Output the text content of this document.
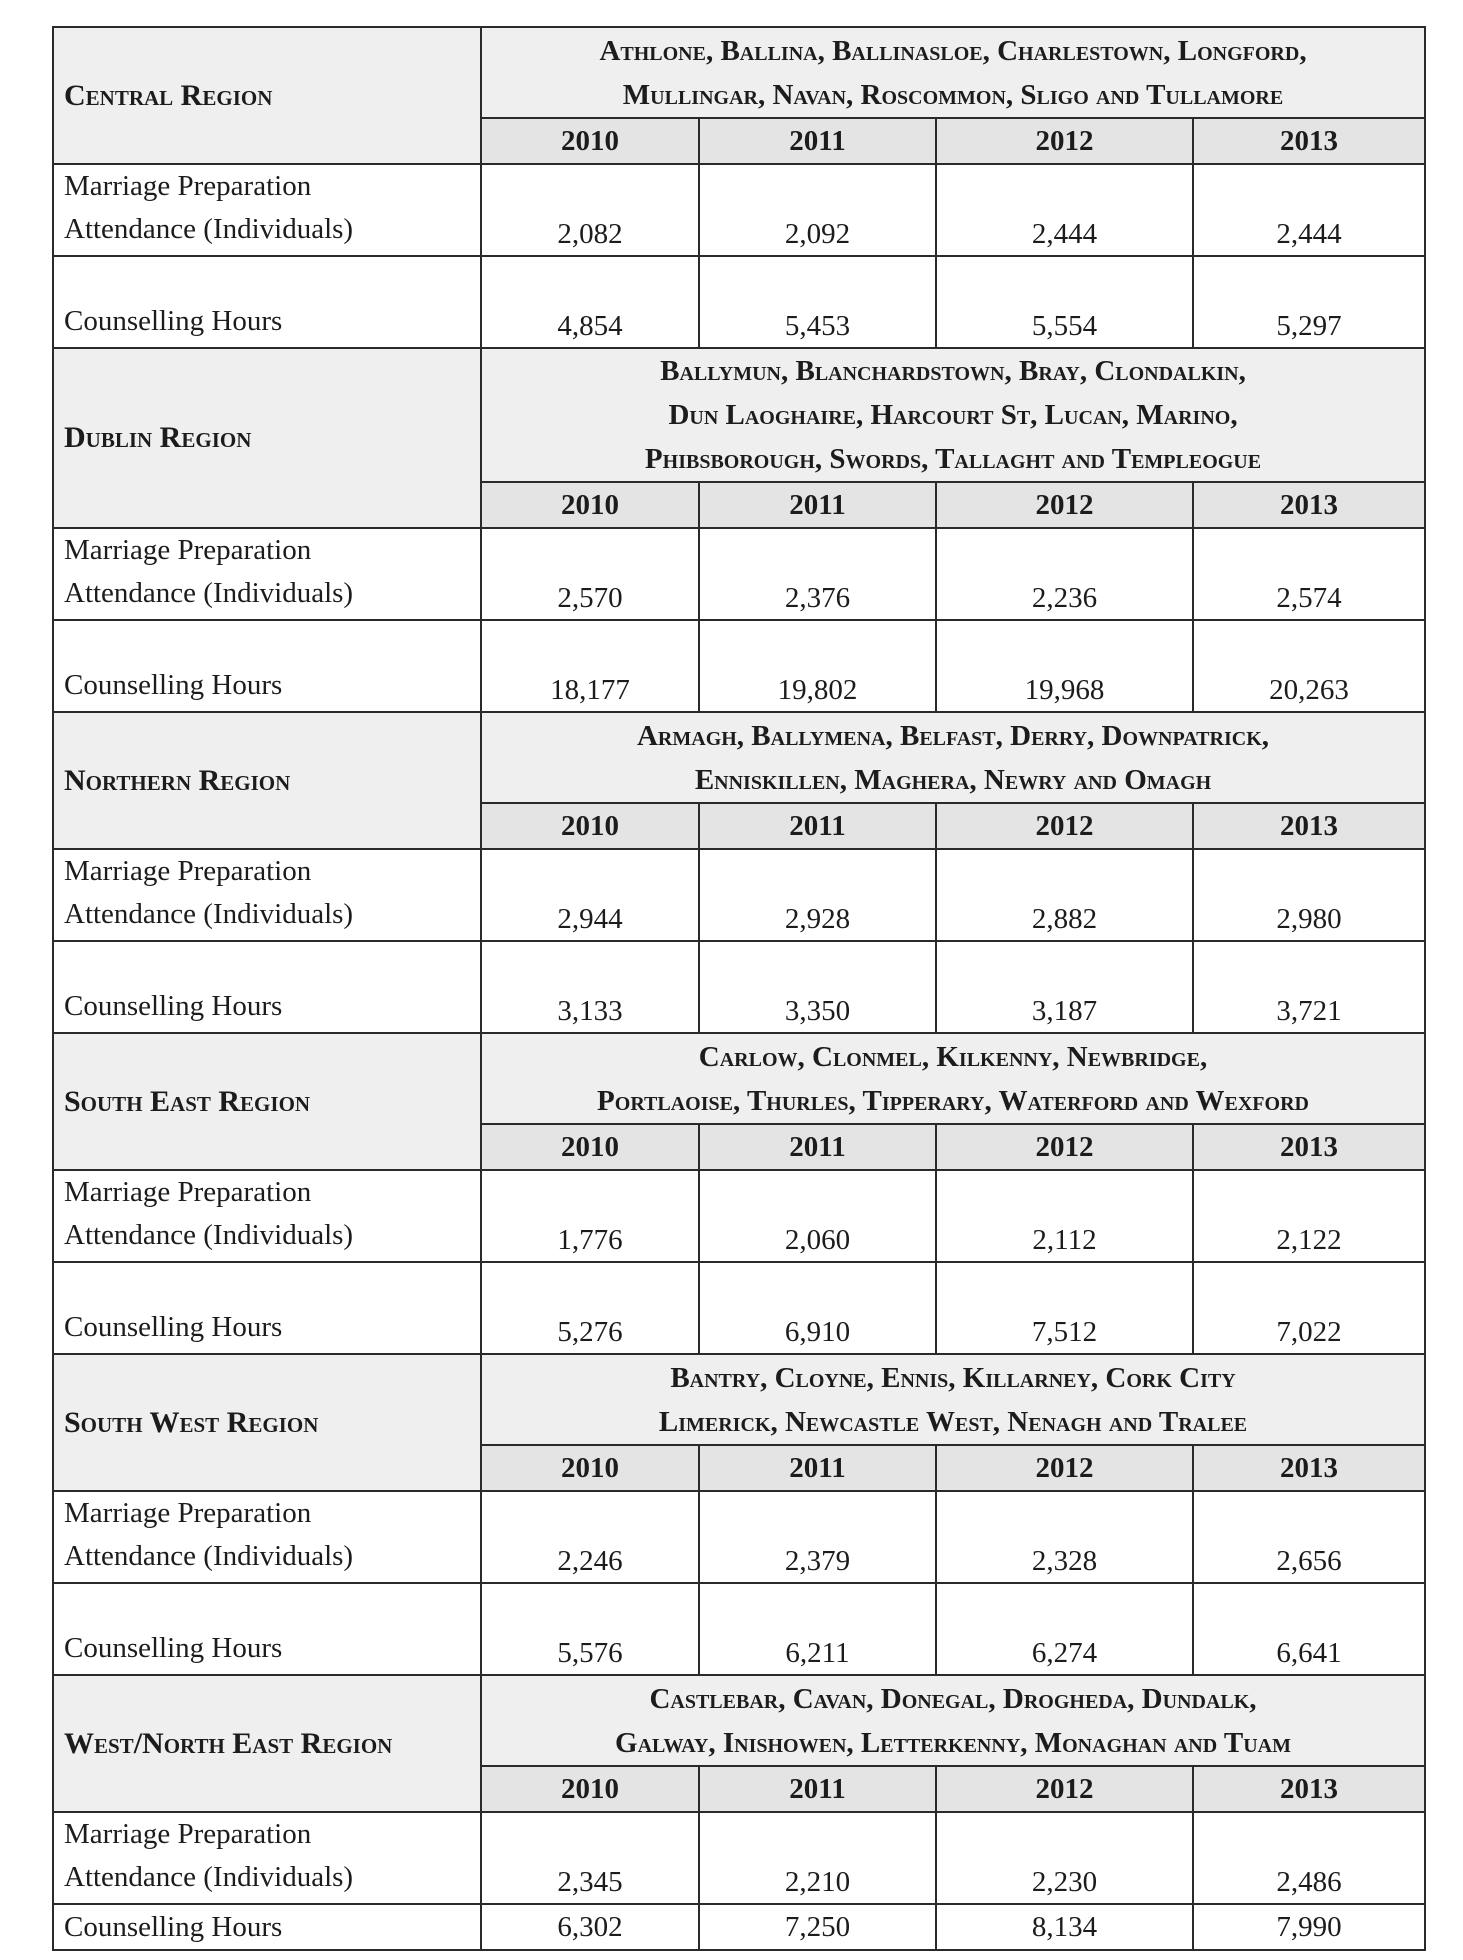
Central Region	Athlone, Ballina, Ballinasloe, Charlestown, Longford,
Mullingar, Navan, Roscommon, Sligo and Tullamore			

	2010	2011	2012	2013

Marriage Preparation
Attendance (Individuals)	2,082	2,092	2,444	2,444
Counselling Hours	4,854	5,453	5,554	5,297
Dublin Region	Ballymun, Blanchardstown, Bray, Clondalkin,
Dun Laoghaire, Harcourt St, Lucan, Marino,
Phibsborough, Swords, Tallaght and Templeogue			

	2010	2011	2012	2013

Marriage Preparation
Attendance (Individuals)	2,570	2,376	2,236	2,574
Counselling Hours	18,177	19,802	19,968	20,263
Northern Region	Armagh, Ballymena, Belfast, Derry, Downpatrick,
Enniskillen, Maghera, Newry and Omagh			

	2010	2011	2012	2013

Marriage Preparation
Attendance (Individuals)	2,944	2,928	2,882	2,980
Counselling Hours	3,133	3,350	3,187	3,721
South East Region	Carlow, Clonmel, Kilkenny, Newbridge,
Portlaoise, Thurles, Tipperary, Waterford and Wexford			

	2010	2011	2012	2013

Marriage Preparation
Attendance (Individuals)	1,776	2,060	2,112	2,122
Counselling Hours	5,276	6,910	7,512	7,022
South West Region	Bantry, Cloyne, Ennis, Killarney, Cork City
Limerick, Newcastle West, Nenagh and Tralee			

	2010	2011	2012	2013

Marriage Preparation
Attendance (Individuals)	2,246	2,379	2,328	2,656
Counselling Hours	5,576	6,211	6,274	6,641
West/North East Region	Castlebar, Cavan, Donegal, Drogheda, Dundalk,
Galway, Inishowen, Letterkenny, Monaghan and Tuam			

	2010	2011	2012	2013

Marriage Preparation
Attendance (Individuals)	2,345	2,210	2,230	2,486
Counselling Hours	6,302	7,250	8,134	7,990
